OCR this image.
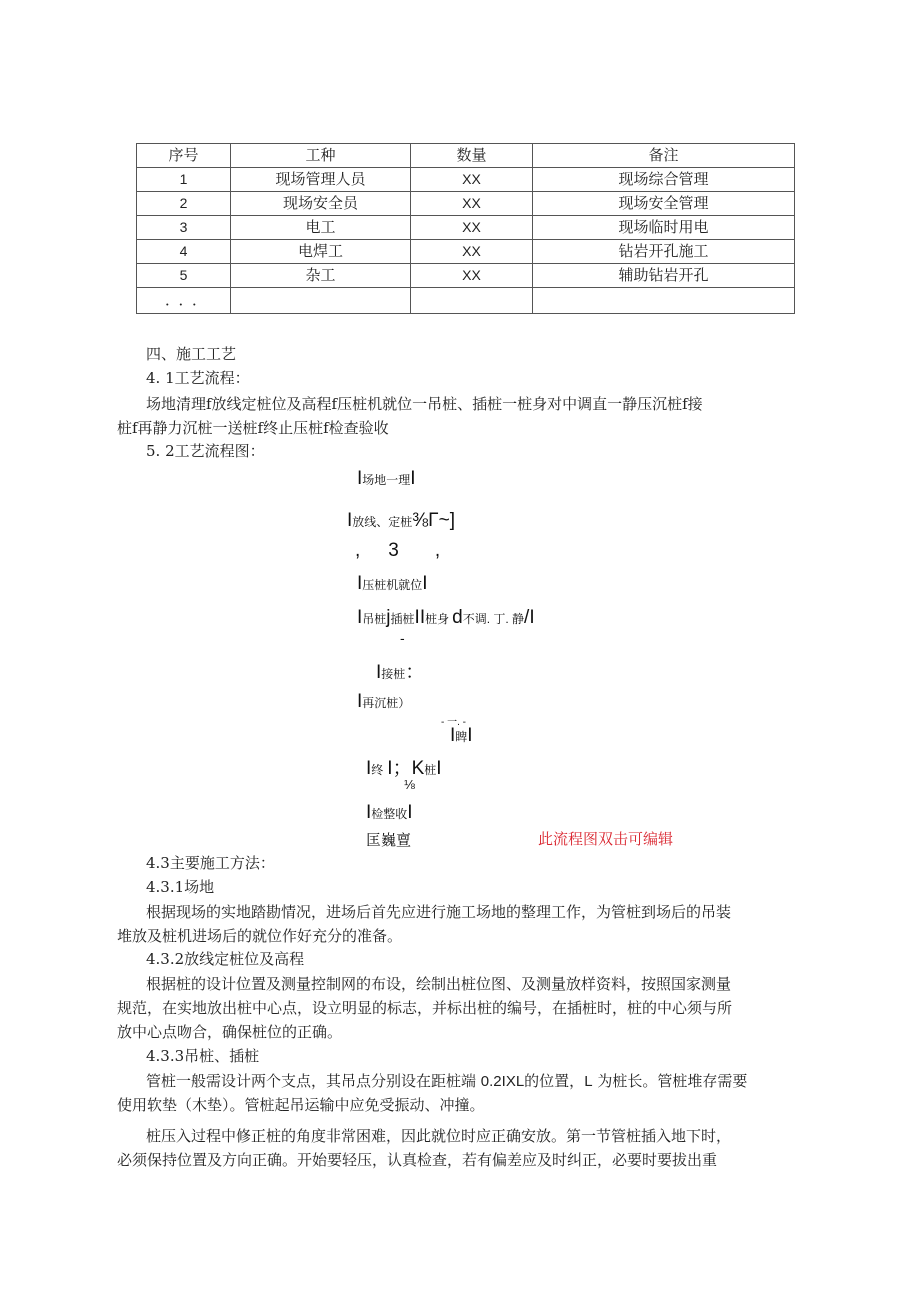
序号	工种	数量	备注
1	现场管理人员	XX	现场综合管理
2	现场安全员	XX	现场安全管理
3	电工	XX	现场临时用电
4	电焊工	XX	钻岩开孔施工
5	杂工	XX	辅助钻岩开孔
．．．			
四、施工工艺
4. 1工艺流程：
场地清理f放线定桩位及高程f压桩机就位一吊桩、插桩一桩身对中调直一静压沉桩f接
桩f再静力沉桩一送桩f终止压桩f检查验收
5. 2工艺流程图：
I场地一理I
I放线、定桩⅜Γ~]
, 3 ,
I压桩机就位I
I吊桩j插桩II桩身 d不调. 丁. 静/I
-
I接桩：
I再沉桩）
- 一. -
I睥I
I终 I；K桩I
⅛
I检整收I
匡巍亶	此流程图双击可编辑
4.3主要施工方法：
4.3.1场地
根据现场的实地踏勘情况，进场后首先应进行施工场地的整理工作，为管桩到场后的吊装
堆放及桩机进场后的就位作好充分的准备。
4.3.2放线定桩位及高程
根据桩的设计位置及测量控制网的布设，绘制出桩位图、及测量放样资料，按照国家测量
规范，在实地放出桩中心点，设立明显的标志，并标出桩的编号，在插桩时，桩的中心须与所
放中心点吻合，确保桩位的正确。
4.3.3吊桩、插桩
管桩一般需设计两个支点，其吊点分别设在距桩端 0.2IXL的位置，L 为桩长。管桩堆存需要
使用软垫（木垫）。管桩起吊运输中应免受振动、冲撞。
桩压入过程中修正桩的角度非常困难，因此就位时应正确安放。第一节管桩插入地下时，
必须保持位置及方向正确。开始要轻压，认真检查，若有偏差应及时纠正，必要时要拔出重
